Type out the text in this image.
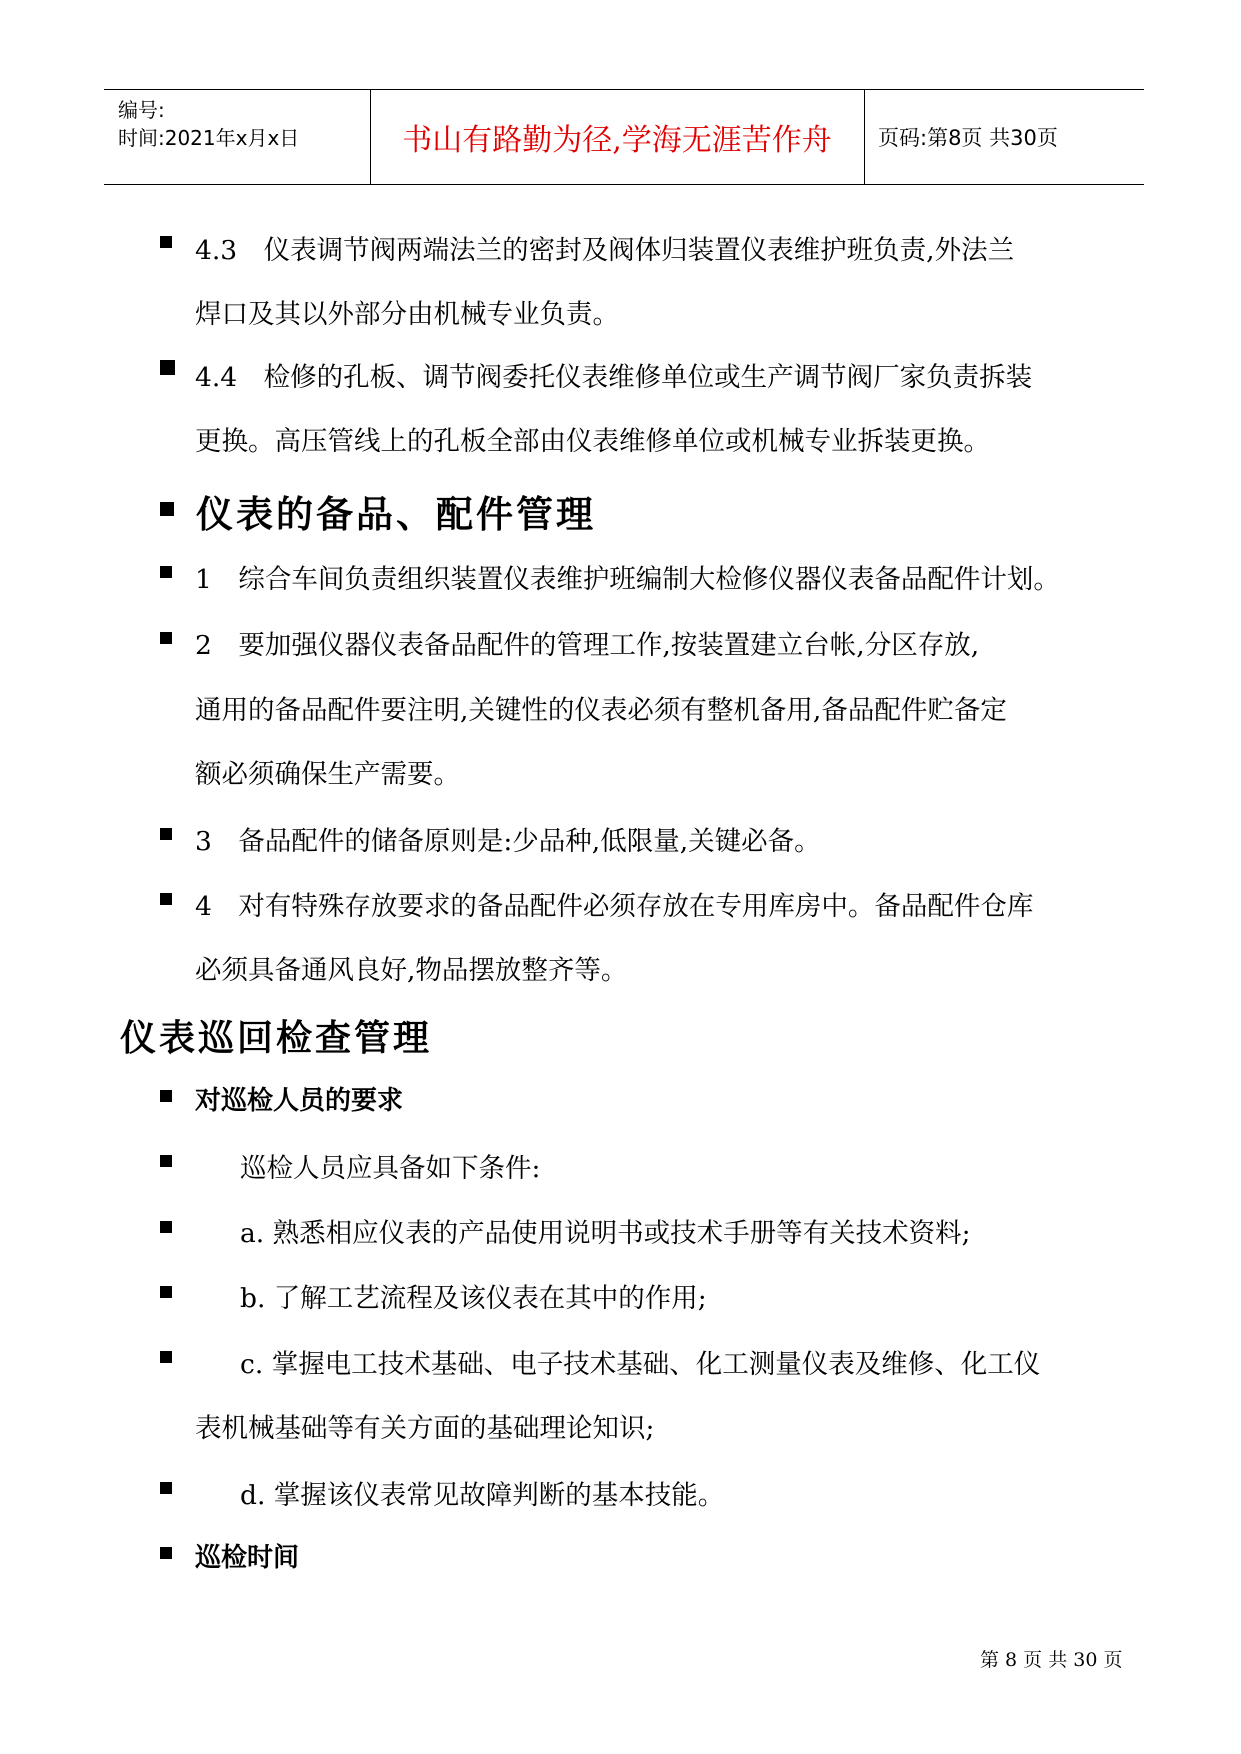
编号:
时间:2021年x月x日	书山有路勤为径,学海无涯苦作舟	页码:第8页 共30页
4.3　仪表调节阀两端法兰的密封及阀体归装置仪表维护班负责,外法兰
焊口及其以外部分由机械专业负责。
4.4　检修的孔板、调节阀委托仪表维修单位或生产调节阀厂家负责拆装
更换。高压管线上的孔板全部由仪表维修单位或机械专业拆装更换。
仪表的备品、配件管理
1　综合车间负责组织装置仪表维护班编制大检修仪器仪表备品配件计划。
2　要加强仪器仪表备品配件的管理工作,按装置建立台帐,分区存放,
通用的备品配件要注明,关键性的仪表必须有整机备用,备品配件贮备定
额必须确保生产需要。
3　备品配件的储备原则是:少品种,低限量,关键必备。
4　对有特殊存放要求的备品配件必须存放在专用库房中。备品配件仓库
必须具备通风良好,物品摆放整齐等。
仪表巡回检查管理
对巡检人员的要求
巡检人员应具备如下条件:
a. 熟悉相应仪表的产品使用说明书或技术手册等有关技术资料;
b. 了解工艺流程及该仪表在其中的作用;
c. 掌握电工技术基础、电子技术基础、化工测量仪表及维修、化工仪
表机械基础等有关方面的基础理论知识;
d. 掌握该仪表常见故障判断的基本技能。
巡检时间
第 8 页 共 30 页
